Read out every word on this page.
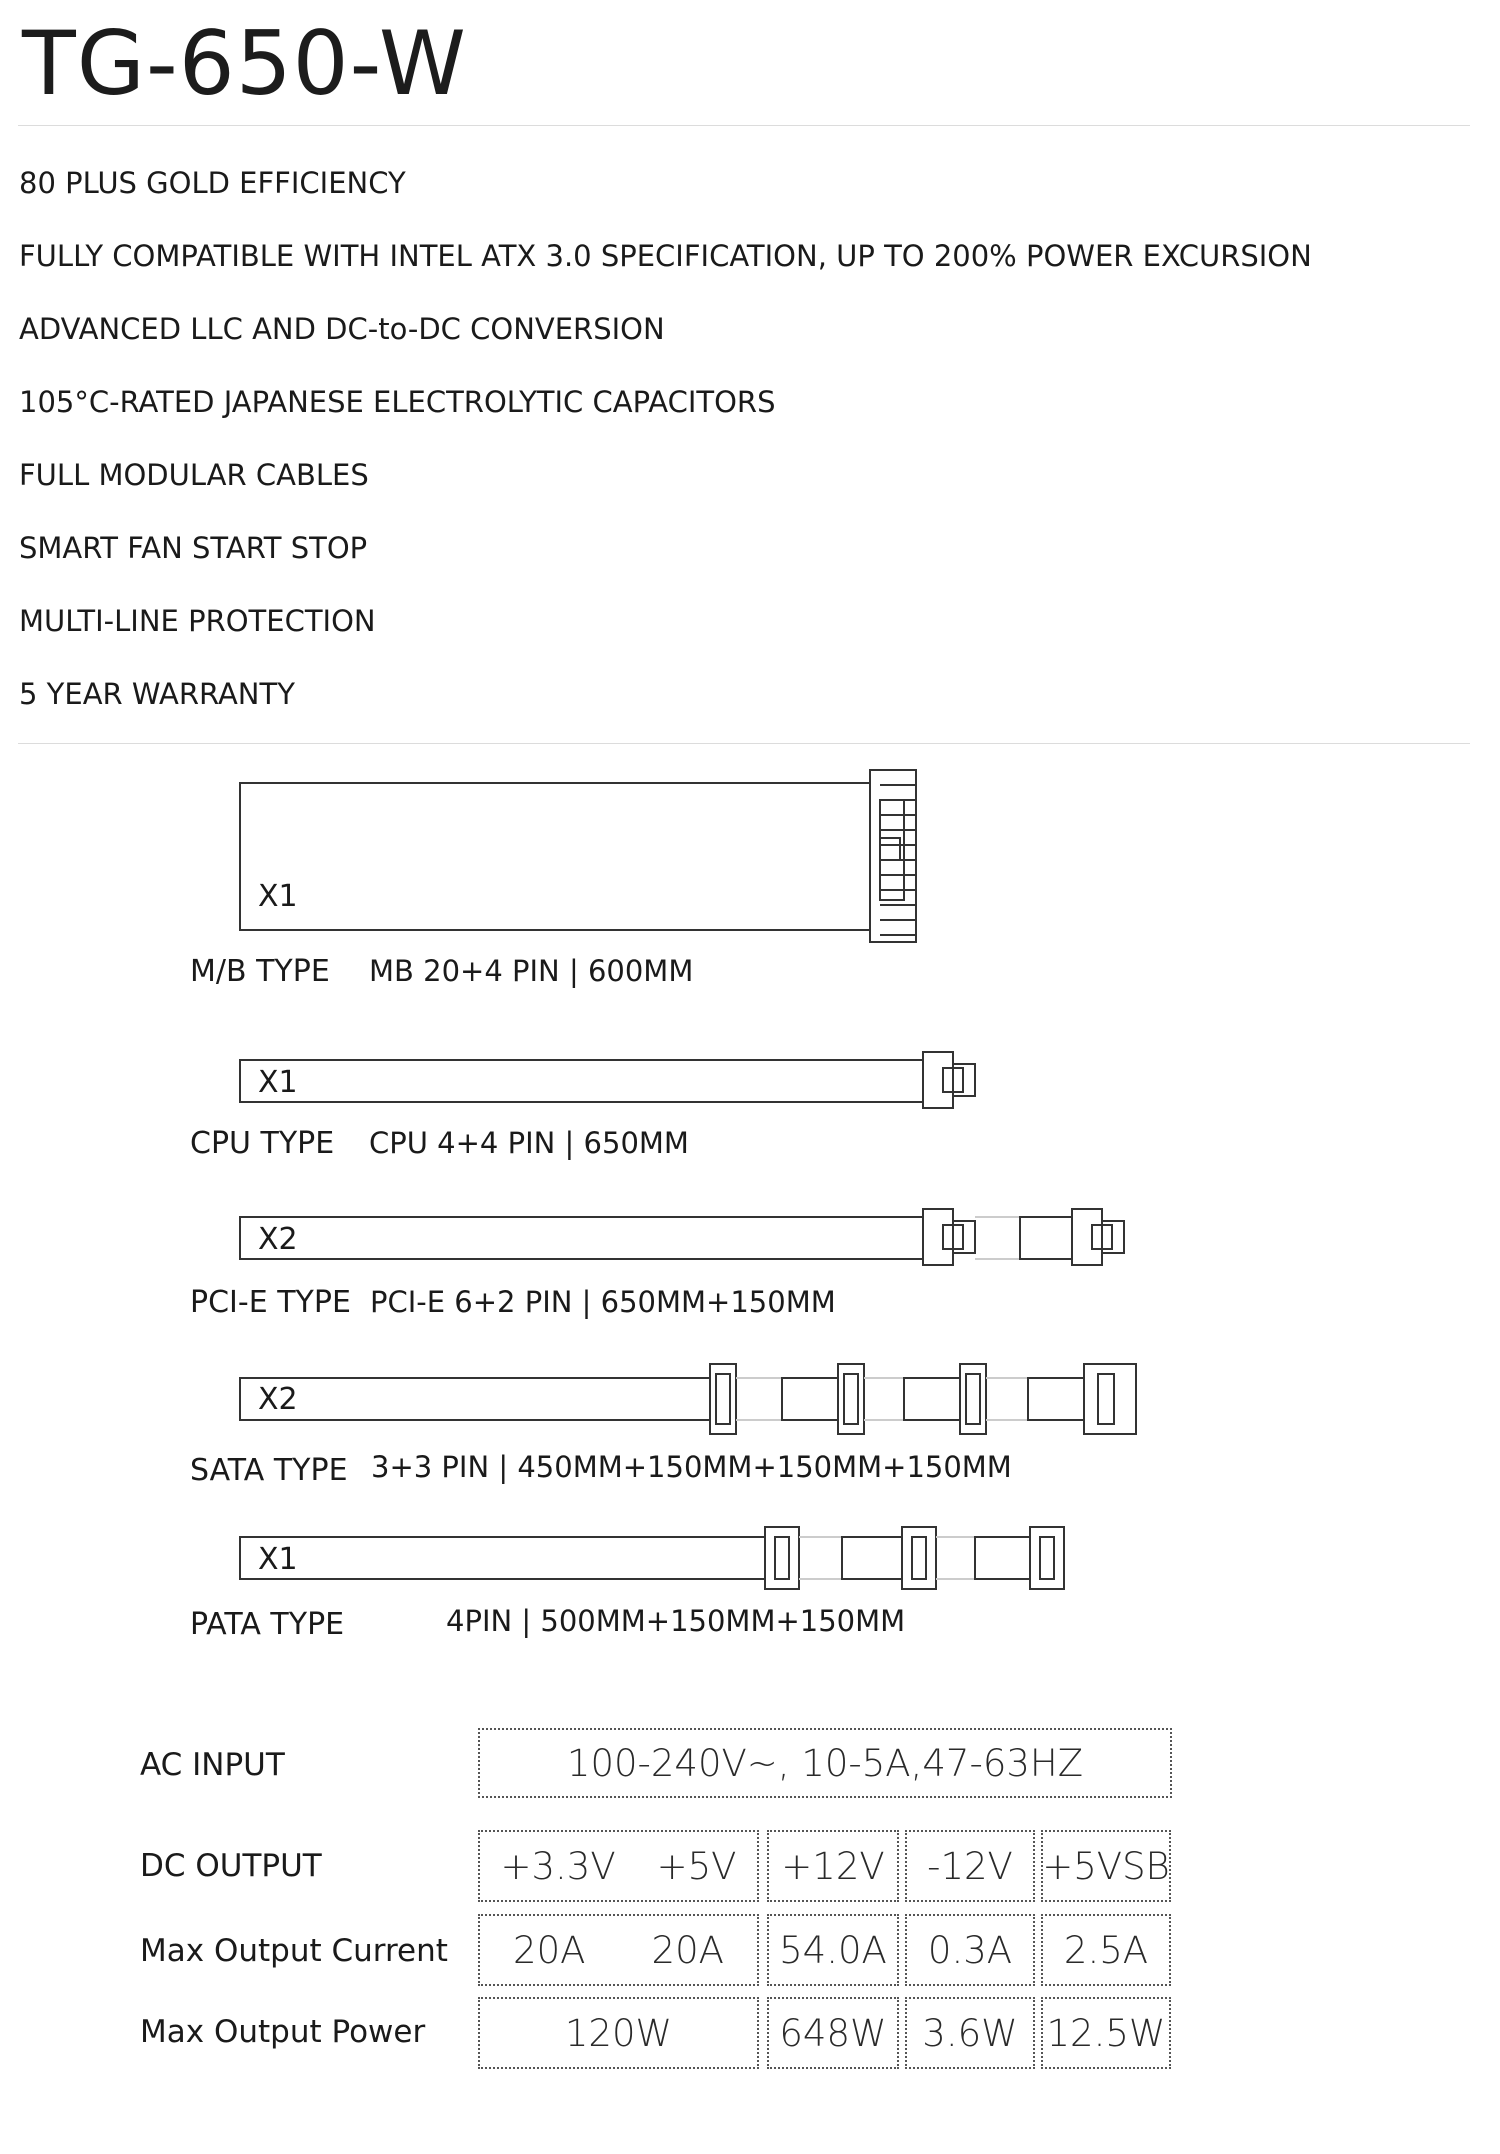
TG-650-W
80 PLUS GOLD EFFICIENCY
FULLY COMPATIBLE WITH INTEL ATX 3.0 SPECIFICATION, UP TO 200% POWER EXCURSION
ADVANCED LLC AND DC-to-DC CONVERSION
105°C-RATED JAPANESE ELECTROLYTIC CAPACITORS
FULL MODULAR CABLES
SMART FAN START STOP
MULTI-LINE PROTECTION
5 YEAR WARRANTY
X1
X1
X2
X2
X1
M/B TYPE MB 20+4 PIN | 600MM
CPU TYPE CPU 4+4 PIN | 650MM
PCI-E TYPE PCI-E 6+2 PIN | 650MM+150MM
SATA TYPE 3+3 PIN | 450MM+150MM+150MM+150MM
PATA TYPE	4PIN | 500MM+150MM+150MM
AC INPUT	100-240V~, 10-5A,47-63HZ
DC OUTPUT	+3.3V +5V	+12V	-12V +5VSB
Max Output Current 20A 20A	54.0A	0.3A	2.5A
Max Output Power	120W	648W 3.6W 12.5W
